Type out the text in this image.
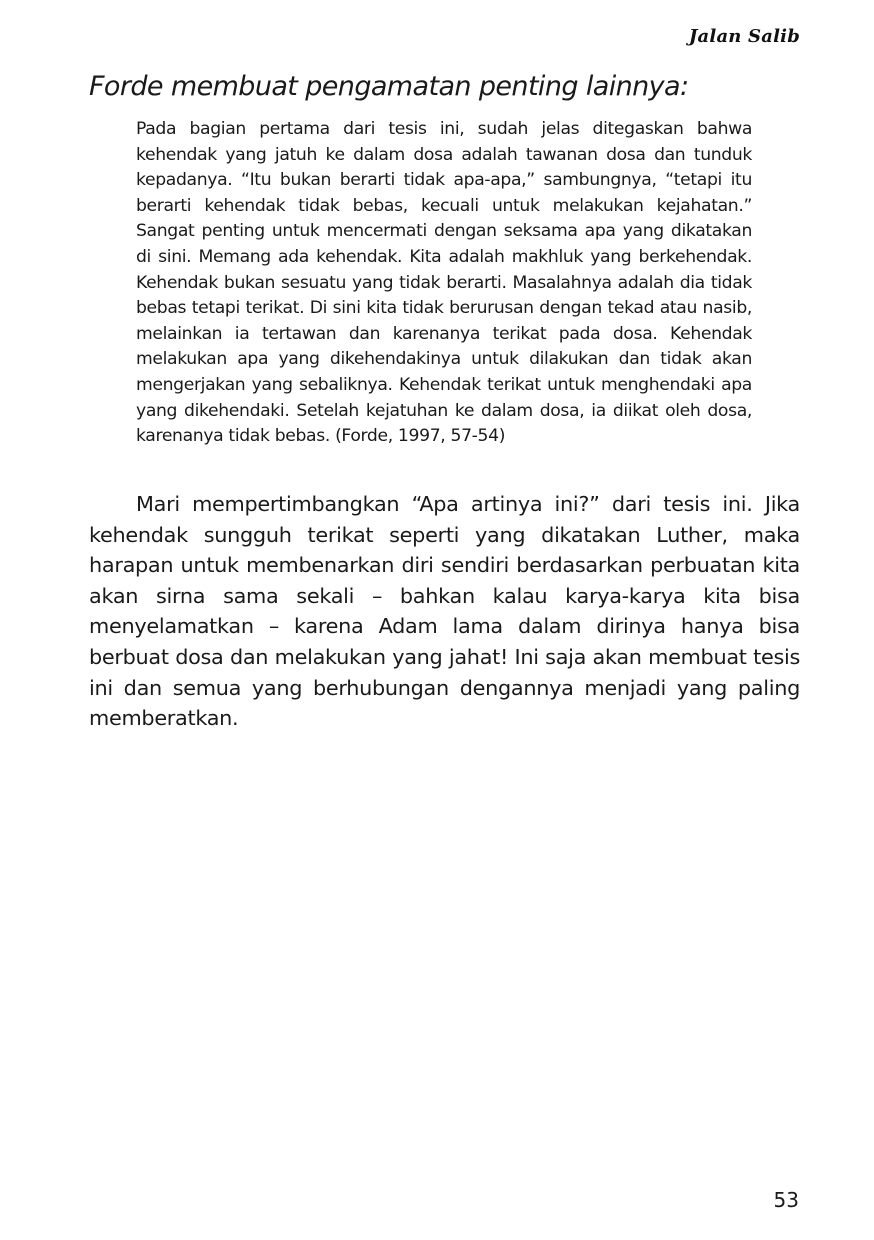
Jalan Salib
Forde membuat pengamatan penting lainnya:

Pada bagian pertama dari tesis ini, sudah jelas ditegaskan bahwa kehendak yang jatuh ke dalam dosa adalah tawanan dosa dan tunduk kepadanya. “Itu bukan berarti tidak apa-apa,” sambungnya, “tetapi itu berarti kehendak tidak bebas, kecuali untuk melakukan kejahatan.” Sangat penting untuk mencermati dengan seksama apa yang dikatakan di sini. Memang ada kehendak. Kita adalah makhluk yang berkehendak. Kehendak bukan sesuatu yang tidak berarti. Masalahnya adalah dia tidak bebas tetapi terikat. Di sini kita tidak berurusan dengan tekad atau nasib, melainkan ia tertawan dan karenanya terikat pada dosa. Kehendak melakukan apa yang dikehendakinya untuk dilakukan dan tidak akan mengerjakan yang sebaliknya. Kehendak terikat untuk menghendaki apa yang dikehendaki. Setelah kejatuhan ke dalam dosa, ia diikat oleh dosa, karenanya tidak bebas. (Forde, 1997, 57-54)

Mari mempertimbangkan “Apa artinya ini?” dari tesis ini. Jika kehendak sungguh terikat seperti yang dikatakan Luther, maka harapan untuk membenarkan diri sendiri berdasarkan perbuatan kita akan sirna sama sekali – bahkan kalau karya-karya kita bisa menyelamatkan – karena Adam lama dalam dirinya hanya bisa berbuat dosa dan melakukan yang jahat! Ini saja akan membuat tesis ini dan semua yang berhubungan dengannya menjadi yang paling memberatkan.

53
